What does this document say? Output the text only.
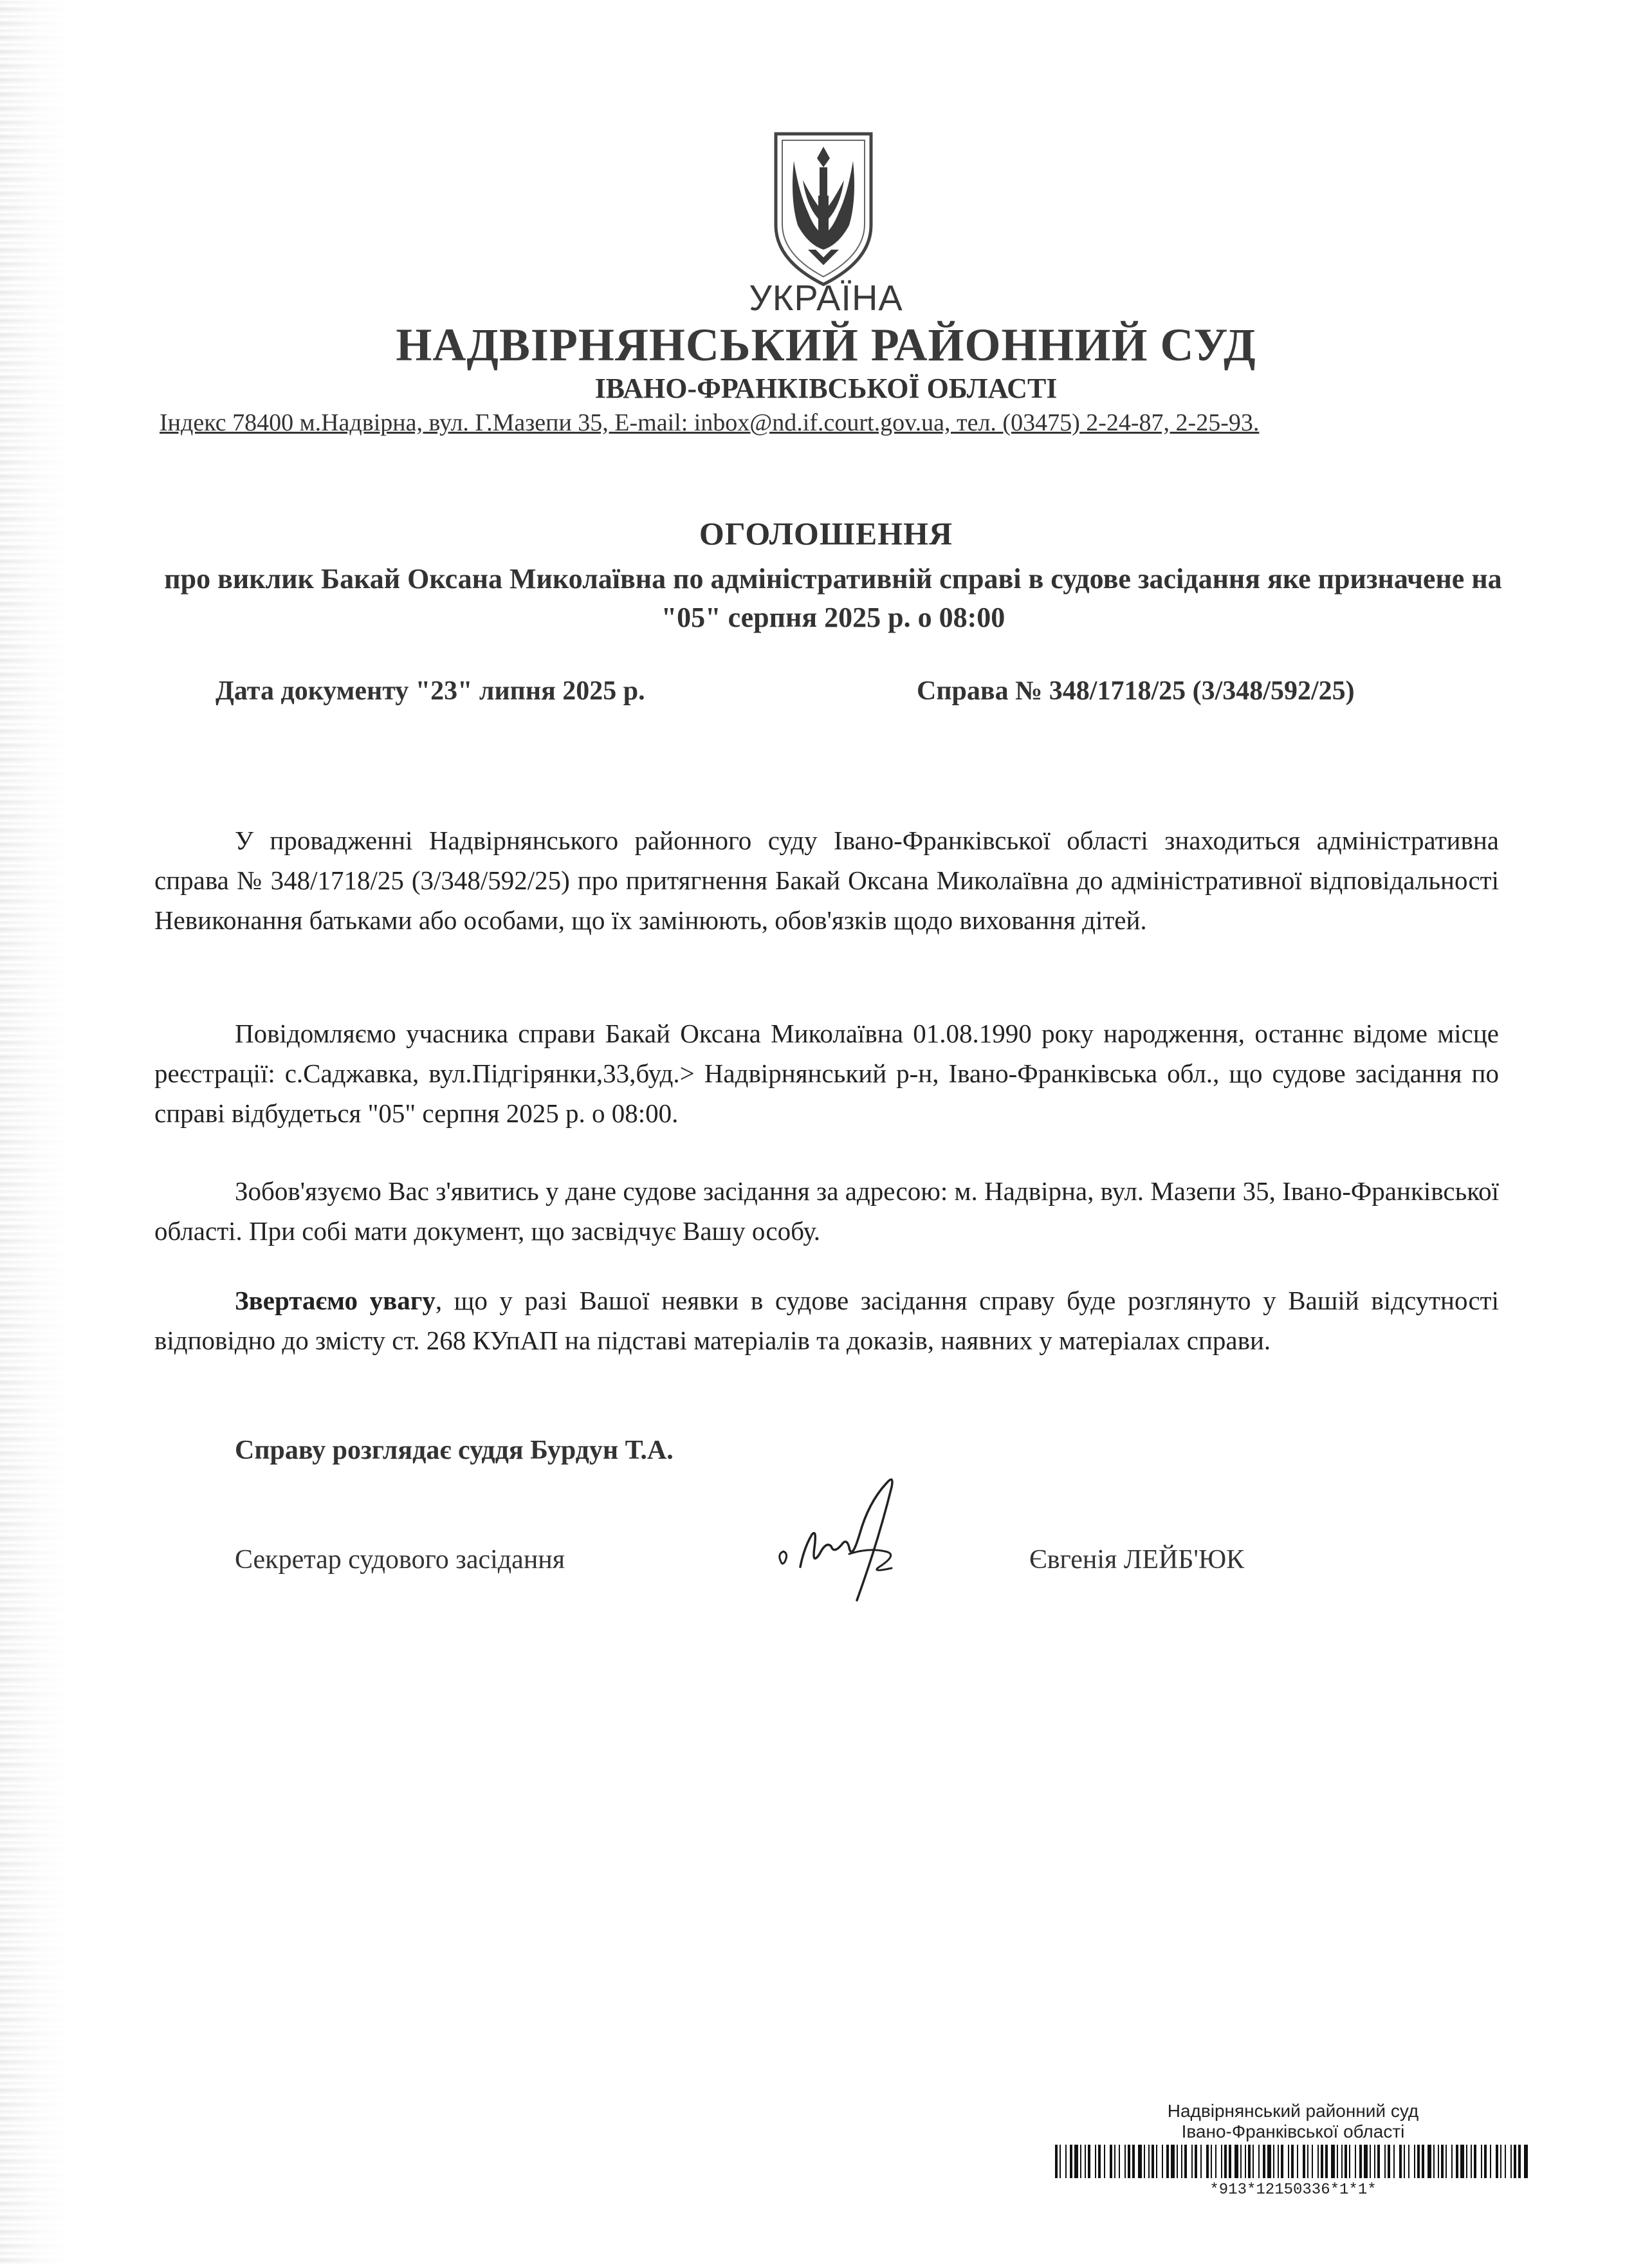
УКРАЇНА
НАДВІРНЯНСЬКИЙ РАЙОННИЙ СУД
ІВАНО-ФРАНКІВСЬКОЇ ОБЛАСТІ
Індекс 78400 м.Надвірна, вул. Г.Мазепи 35, E-mail: inbox@nd.if.court.gov.ua, тел. (03475) 2-24-87, 2-25-93.
ОГОЛОШЕННЯ
про виклик Бакай Оксана Миколаївна по адміністративній справі в судове засідання яке призначене на "05" серпня 2025 р. о 08:00
Дата документу "23" липня 2025 р.	Справа № 348/1718/25 (3/348/592/25)
У провадженні Надвірнянського районного суду Івано-Франківської області знаходиться адміністративна справа № 348/1718/25 (3/348/592/25) про притягнення Бакай Оксана Миколаївна до адміністративної відповідальності Невиконання батьками або особами, що їх замінюють, обов'язків щодо виховання дітей.
Повідомляємо учасника справи Бакай Оксана Миколаївна 01.08.1990 року народження, останнє відоме місце реєстрації: с.Саджавка, вул.Підгірянки,33,буд.> Надвірнянський р-н, Івано-Франківська обл., що судове засідання по справі відбудеться "05" серпня 2025 р. о 08:00.
Зобов'язуємо Вас з'явитись у дане судове засідання за адресою: м. Надвірна, вул. Мазепи 35, Івано-Франківської області. При собі мати документ, що засвідчує Вашу особу.
Звертаємо увагу, що у разі Вашої неявки в судове засідання справу буде розглянуто у Вашій відсутності відповідно до змісту ст. 268 КУпАП на підставі матеріалів та доказів, наявних у матеріалах справи.
Справу розглядає суддя Бурдун Т.А.
Секретар судового засідання	Євгенія ЛЕЙБ'ЮК
Надвірнянський районний суд
Івано-Франківської області
*913*12150336*1*1*
